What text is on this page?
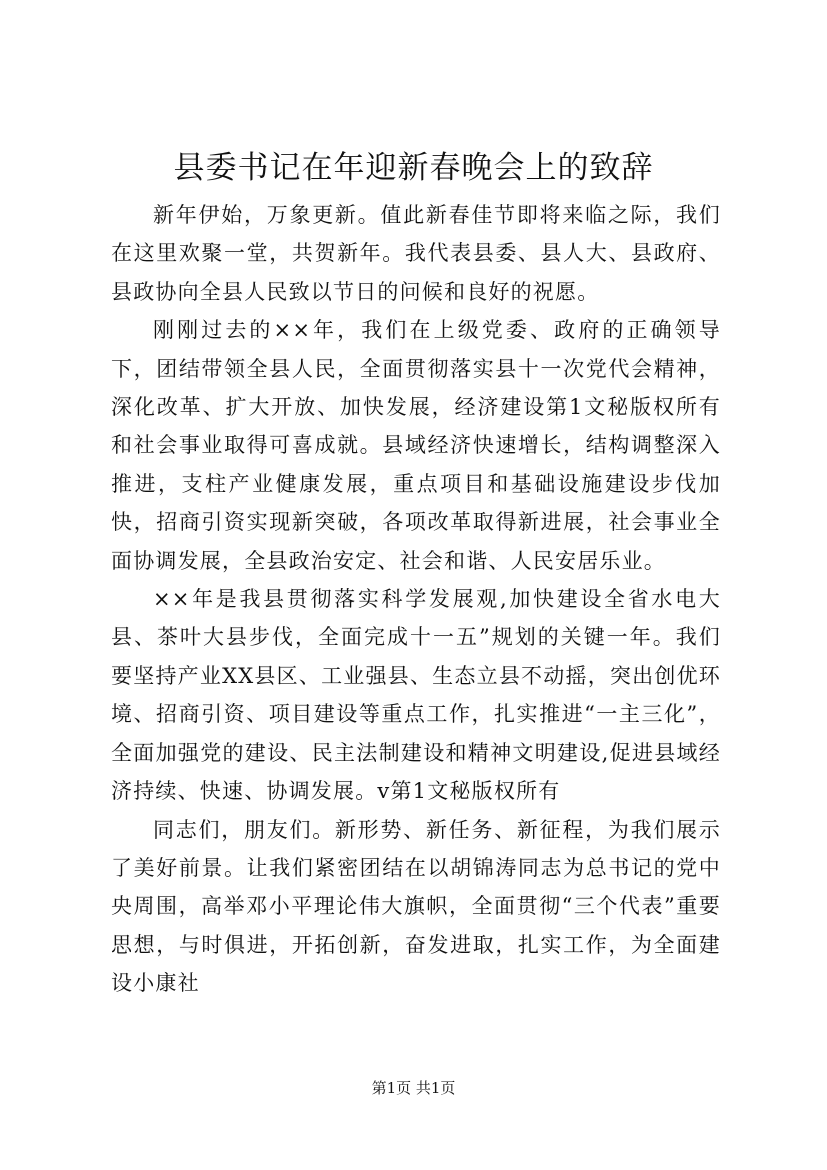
县委书记在年迎新春晚会上的致辞

新年伊始，万象更新。值此新春佳节即将来临之际，我们在这里欢聚一堂，共贺新年。我代表县委、县人大、县政府、县政协向全县人民致以节日的问候和良好的祝愿。

刚刚过去的××年，我们在上级党委、政府的正确领导下，团结带领全县人民，全面贯彻落实县十一次党代会精神，深化改革、扩大开放、加快发展，经济建设第1文秘版权所有和社会事业取得可喜成就。县域经济快速增长，结构调整深入推进，支柱产业健康发展，重点项目和基础设施建设步伐加快，招商引资实现新突破，各项改革取得新进展，社会事业全面协调发展，全县政治安定、社会和谐、人民安居乐业。

××年是我县贯彻落实科学发展观,加快建设全省水电大县、茶叶大县步伐，全面完成十一五”规划的关键一年。我们要坚持产业XX县区、工业强县、生态立县不动摇，突出创优环境、招商引资、项目建设等重点工作，扎实推进“一主三化”，全面加强党的建设、民主法制建设和精神文明建设,促进县域经济持续、快速、协调发展。v第1文秘版权所有

同志们，朋友们。新形势、新任务、新征程，为我们展示了美好前景。让我们紧密团结在以胡锦涛同志为总书记的党中央周围，高举邓小平理论伟大旗帜，全面贯彻“三个代表”重要思想，与时俱进，开拓创新，奋发进取，扎实工作，为全面建设小康社

第1页 共1页
